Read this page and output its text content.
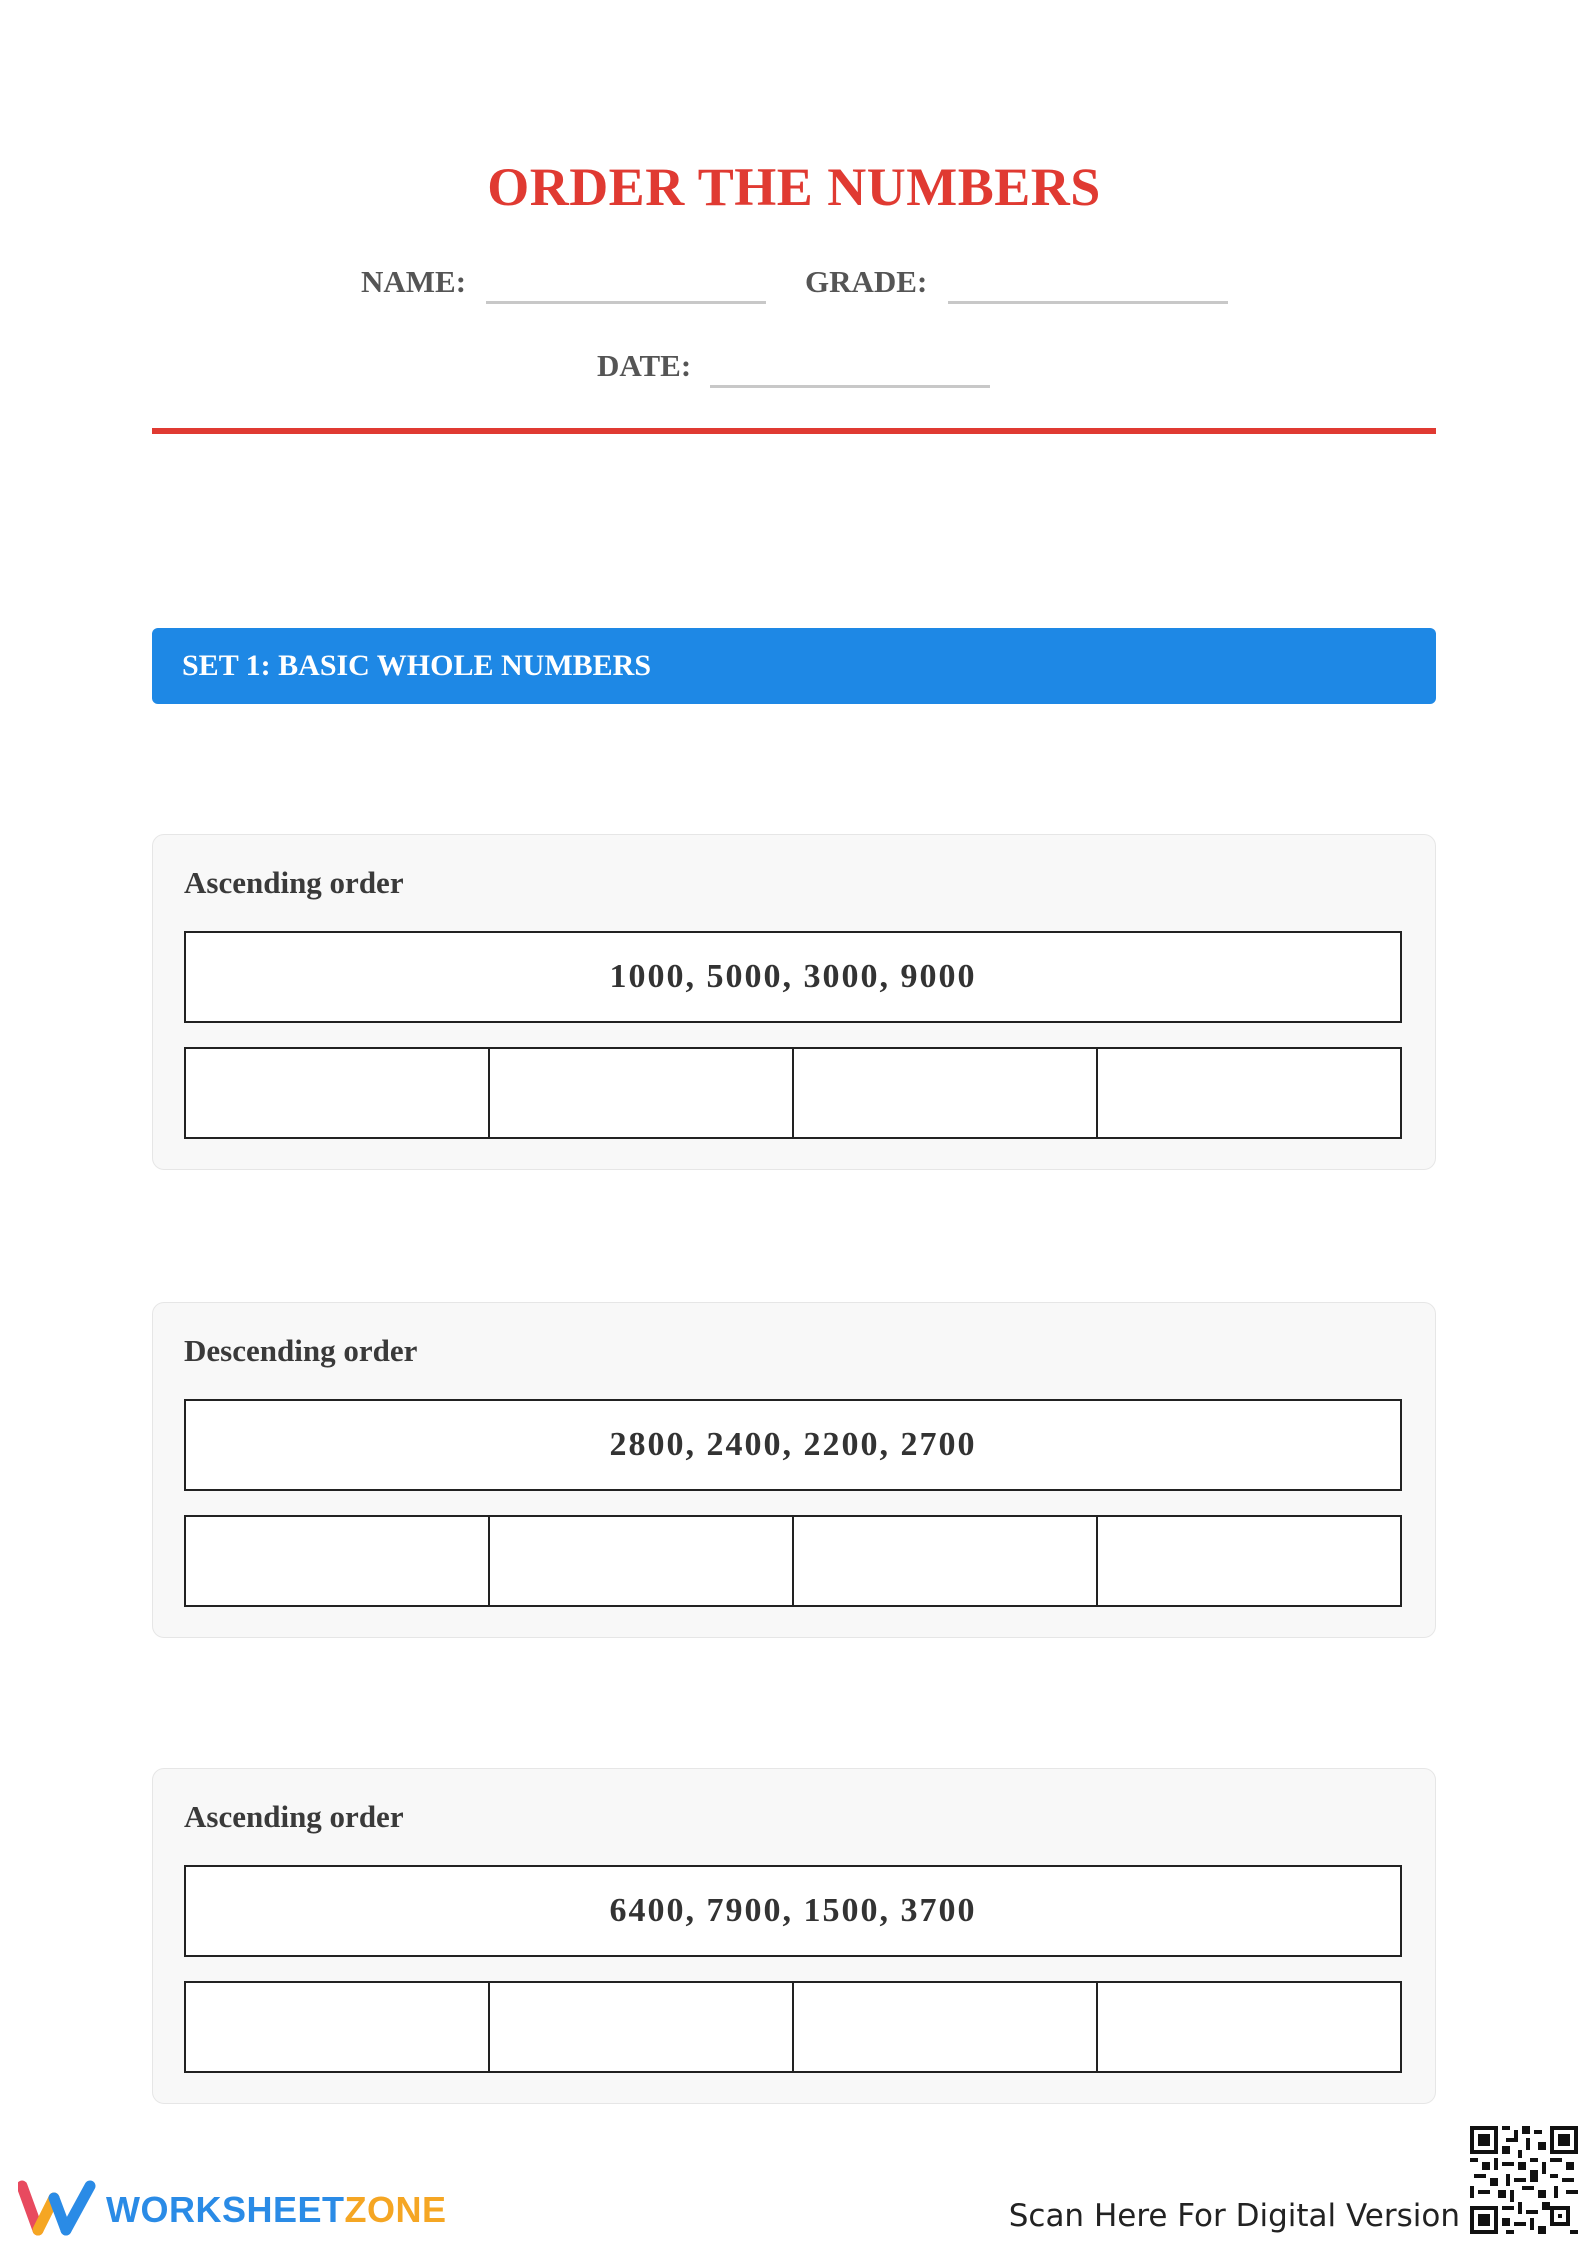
ORDER THE NUMBERS
NAME:	GRADE:
DATE:
SET 1: BASIC WHOLE NUMBERS
Ascending order
1000, 5000, 3000, 9000
Descending order
2800, 2400, 2200, 2700
Ascending order
6400, 7900, 1500, 3700
WORKSHEETZONE	Scan Here For Digital Version
